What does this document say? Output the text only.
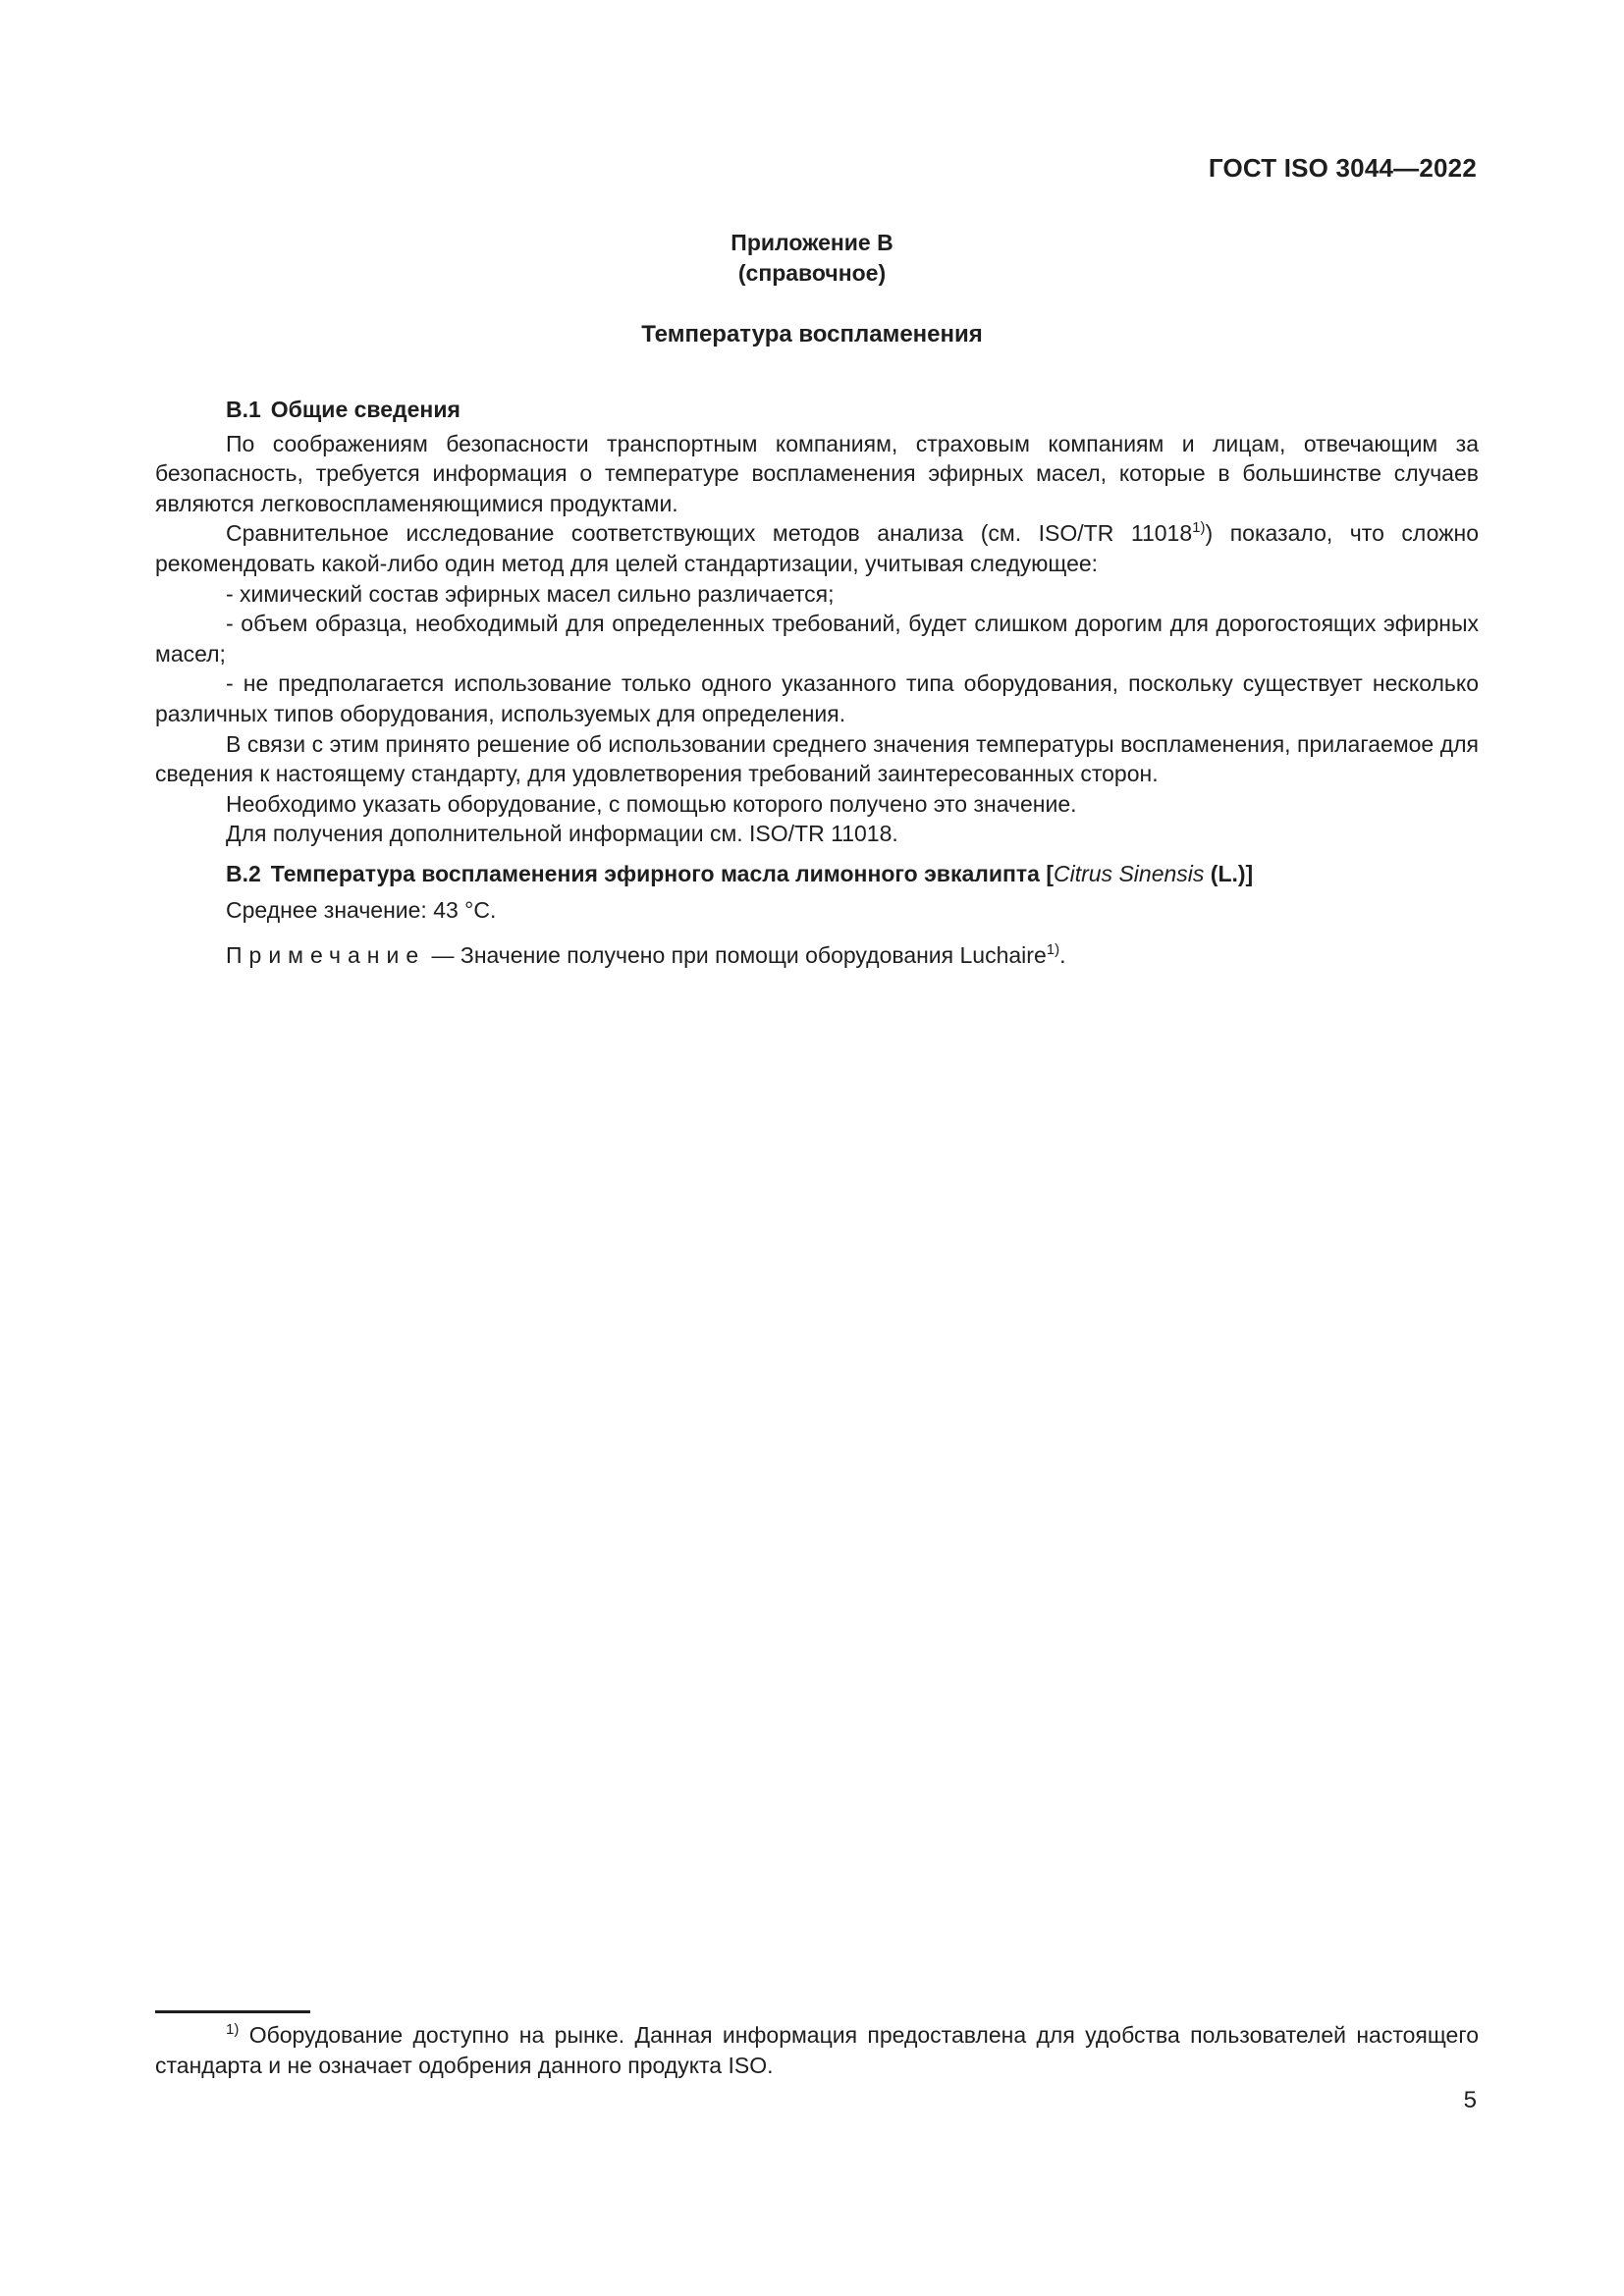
ГОСТ ISO 3044—2022
Приложение В
(справочное)
Температура воспламенения
В.1 Общие сведения

По соображениям безопасности транспортным компаниям, страховым компаниям и лицам, отвечающим за безопасность, требуется информация о температуре воспламенения эфирных масел, которые в большинстве случаев являются легковоспламеняющимися продуктами.

Сравнительное исследование соответствующих методов анализа (см. ISO/TR 11018$^{1)}$) показало, что сложно рекомендовать какой-либо один метод для целей стандартизации, учитывая следующее:

- химический состав эфирных масел сильно различается;

- объем образца, необходимый для определенных требований, будет слишком дорогим для дорогостоящих эфирных масел;

- не предполагается использование только одного указанного типа оборудования, поскольку существует несколько различных типов оборудования, используемых для определения.

В связи с этим принято решение об использовании среднего значения температуры воспламенения, прилагаемое для сведения к настоящему стандарту, для удовлетворения требований заинтересованных сторон.

Необходимо указать оборудование, с помощью которого получено это значение.

Для получения дополнительной информации см. ISO/TR 11018.

В.2 Температура воспламенения эфирного масла лимонного эвкалипта [Citrus Sinensis (L.)]

Среднее значение: 43 °С.

Примечание — Значение получено при помощи оборудования Luchaire$^{1)}$.

$^{1)}$ Оборудование доступно на рынке. Данная информация предоставлена для удобства пользователей настоящего стандарта и не означает одобрения данного продукта ISO.

5
